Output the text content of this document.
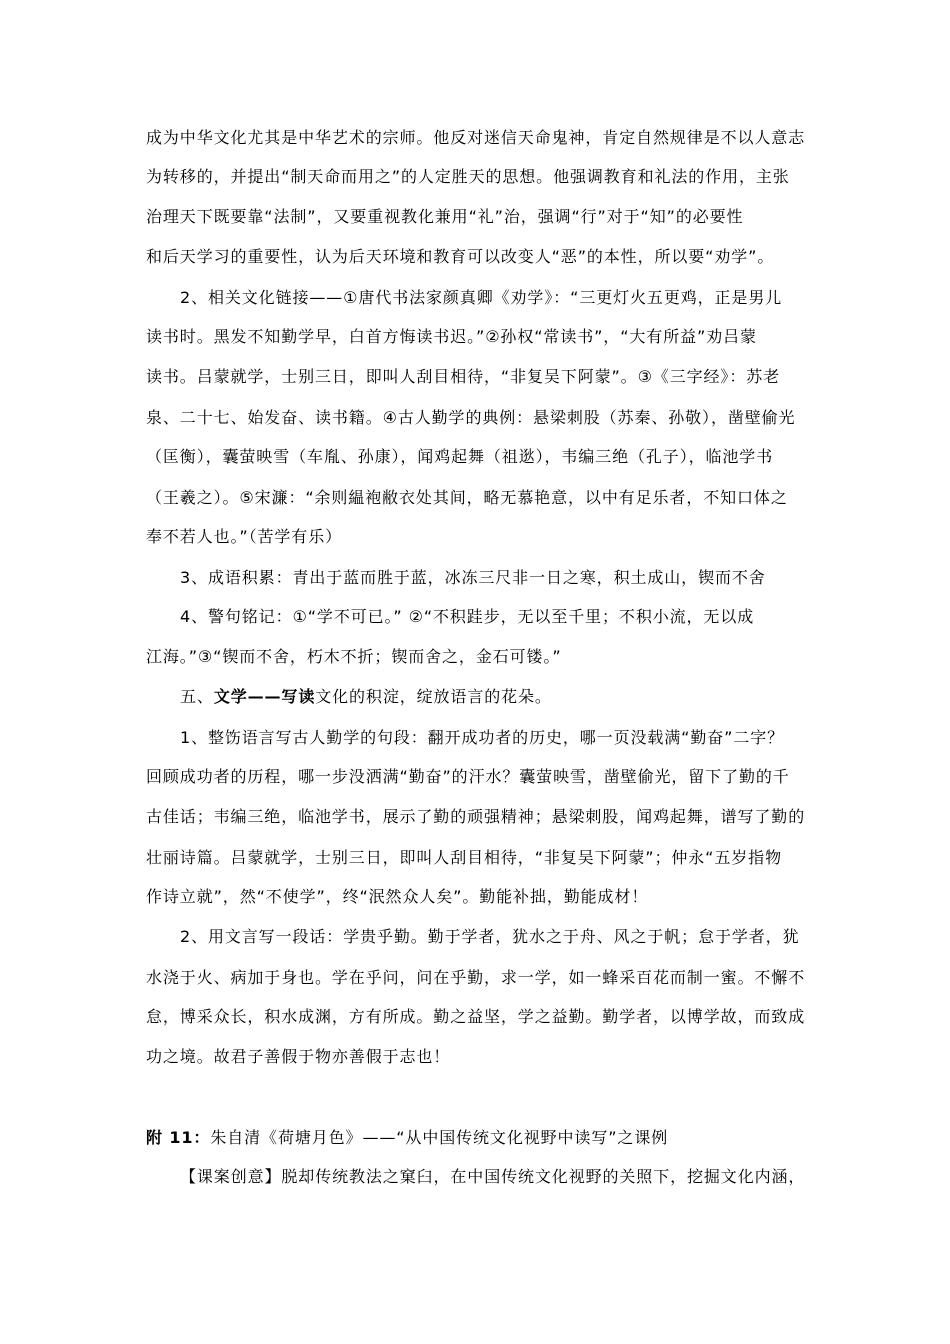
成为中华文化尤其是中华艺术的宗师。他反对迷信天命鬼神，肯定自然规律是不以人意志
为转移的，并提出“制天命而用之”的人定胜天的思想。他强调教育和礼法的作用，主张
治理天下既要靠“法制”，又要重视教化兼用“礼”治，强调“行”对于“知”的必要性
和后天学习的重要性，认为后天环境和教育可以改变人“恶”的本性，所以要“劝学”。
2、相关文化链接——①唐代书法家颜真卿《劝学》：“三更灯火五更鸡，正是男儿
读书时。黑发不知勤学早，白首方悔读书迟。”②孙权“常读书”，“大有所益”劝吕蒙
读书。吕蒙就学，士别三日，即叫人刮目相待，“非复吴下阿蒙”。③《三字经》：苏老
泉、二十七、始发奋、读书籍。④古人勤学的典例：悬梁刺股（苏秦、孙敬），凿壁偷光
（匡衡），囊萤映雪（车胤、孙康），闻鸡起舞（祖逖），韦编三绝（孔子），临池学书
（王羲之）。⑤宋濂：“余则緼袍敝衣处其间，略无慕艳意，以中有足乐者，不知口体之
奉不若人也。”（苦学有乐）
3、成语积累：青出于蓝而胜于蓝，冰冻三尺非一日之寒，积土成山，锲而不舍
4、警句铭记：①“学不可已。” ②“不积跬步，无以至千里；不积小流，无以成
江海。”③“锲而不舍，朽木不折；锲而舍之，金石可镂。”
五、文学——写读文化的积淀，绽放语言的花朵。
1、整饬语言写古人勤学的句段：翻开成功者的历史，哪一页没载满“勤奋”二字？
回顾成功者的历程，哪一步没洒满“勤奋”的汗水？囊萤映雪，凿壁偷光，留下了勤的千
古佳话；韦编三绝，临池学书，展示了勤的顽强精神；悬梁刺股，闻鸡起舞，谱写了勤的
壮丽诗篇。吕蒙就学，士别三日，即叫人刮目相待，“非复吴下阿蒙”；仲永“五岁指物
作诗立就”，然“不使学”，终“泯然众人矣”。勤能补拙，勤能成材！
2、用文言写一段话：学贵乎勤。勤于学者，犹水之于舟、风之于帆；怠于学者，犹
水浇于火、病加于身也。学在乎问，问在乎勤，求一学，如一蜂采百花而制一蜜。不懈不
怠，博采众长，积水成渊，方有所成。勤之益坚，学之益勤。勤学者，以博学故，而致成
功之境。故君子善假于物亦善假于志也！
附 11：朱自清《荷塘月色》——“从中国传统文化视野中读写”之课例
【课案创意】脱却传统教法之窠臼，在中国传统文化视野的关照下，挖掘文化内涵，
